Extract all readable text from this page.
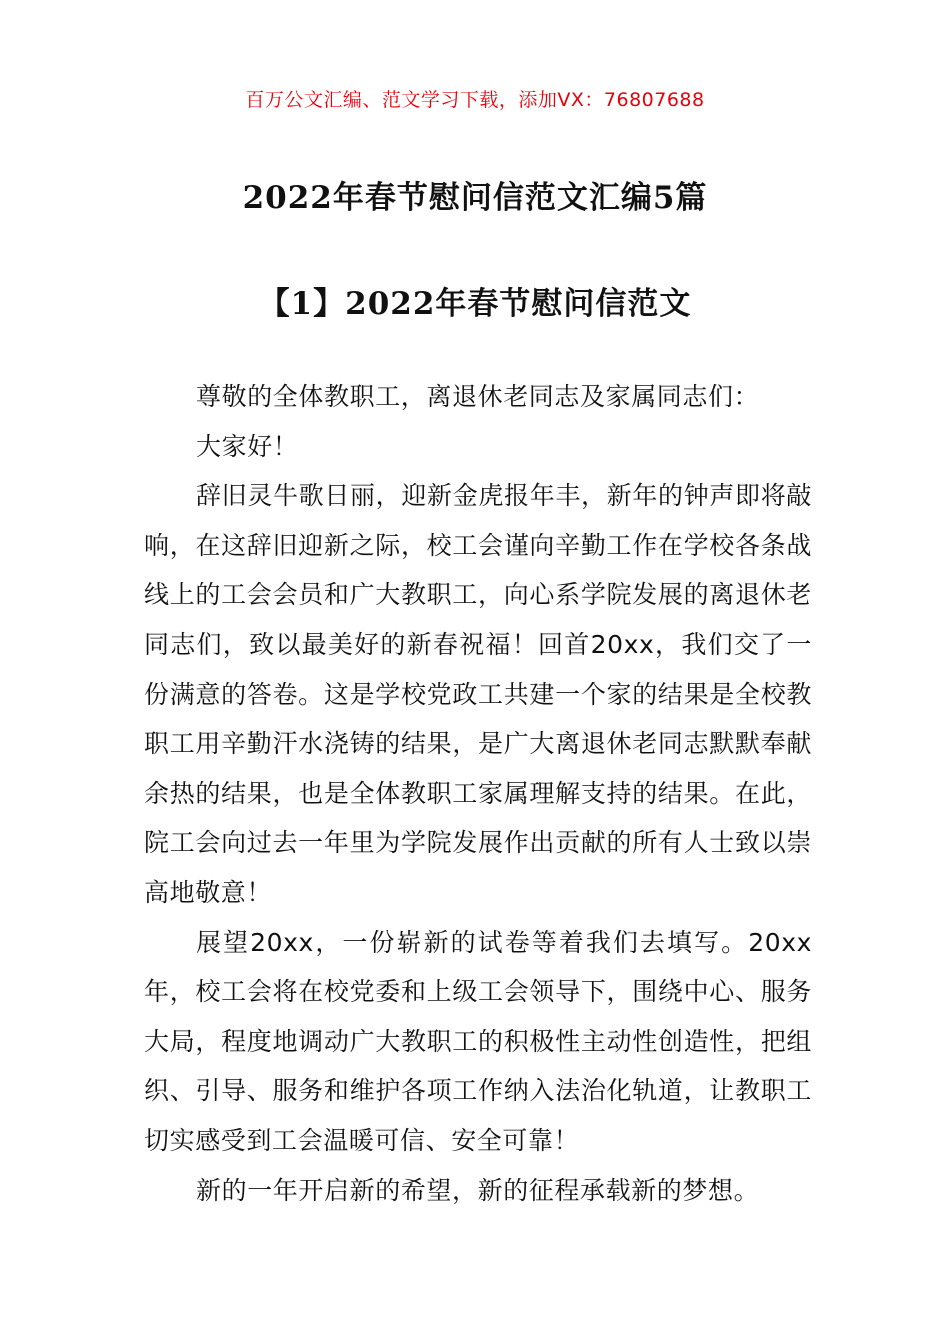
百万公文汇编、范文学习下载，添加VX：76807688
2022年春节慰问信范文汇编5篇
【1】2022年春节慰问信范文

尊敬的全体教职工，离退休老同志及家属同志们：

大家好！

辞旧灵牛歌日丽，迎新金虎报年丰，新年的钟声即将敲响，在这辞旧迎新之际，校工会谨向辛勤工作在学校各条战线上的工会会员和广大教职工，向心系学院发展的离退休老同志们，致以最美好的新春祝福！回首20xx，我们交了一份满意的答卷。这是学校党政工共建一个家的结果是全校教职工用辛勤汗水浇铸的结果，是广大离退休老同志默默奉献余热的结果，也是全体教职工家属理解支持的结果。在此，院工会向过去一年里为学院发展作出贡献的所有人士致以崇高地敬意！

展望20xx，一份崭新的试卷等着我们去填写。20xx年，校工会将在校党委和上级工会领导下，围绕中心、服务大局，程度地调动广大教职工的积极性主动性创造性，把组织、引导、服务和维护各项工作纳入法治化轨道，让教职工切实感受到工会温暖可信、安全可靠！

新的一年开启新的希望，新的征程承载新的梦想。
